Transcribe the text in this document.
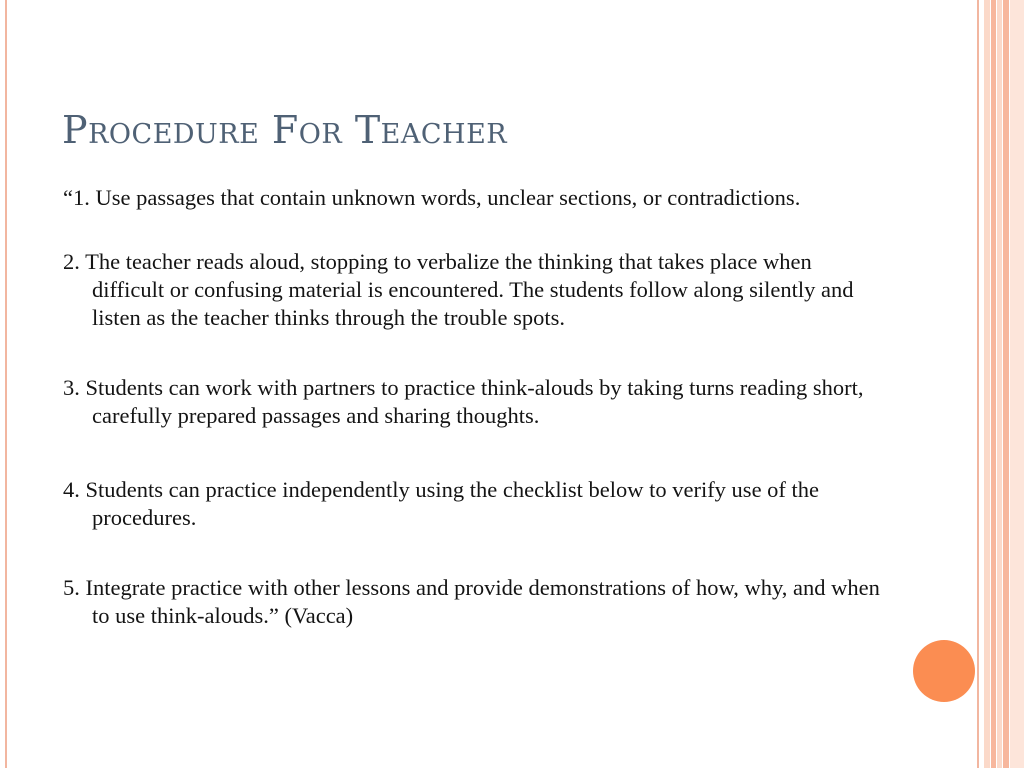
Procedure For Teacher

“1. Use passages that contain unknown words, unclear sections, or contradictions.

2. The teacher reads aloud, stopping to verbalize the thinking that takes place when difficult or confusing material is encountered. The students follow along silently and listen as the teacher thinks through the trouble spots.

3. Students can work with partners to practice think-alouds by taking turns reading short, carefully prepared passages and sharing thoughts.

4. Students can practice independently using the checklist below to verify use of the procedures.

5. Integrate practice with other lessons and provide demonstrations of how, why, and when to use think-alouds.” (Vacca)
